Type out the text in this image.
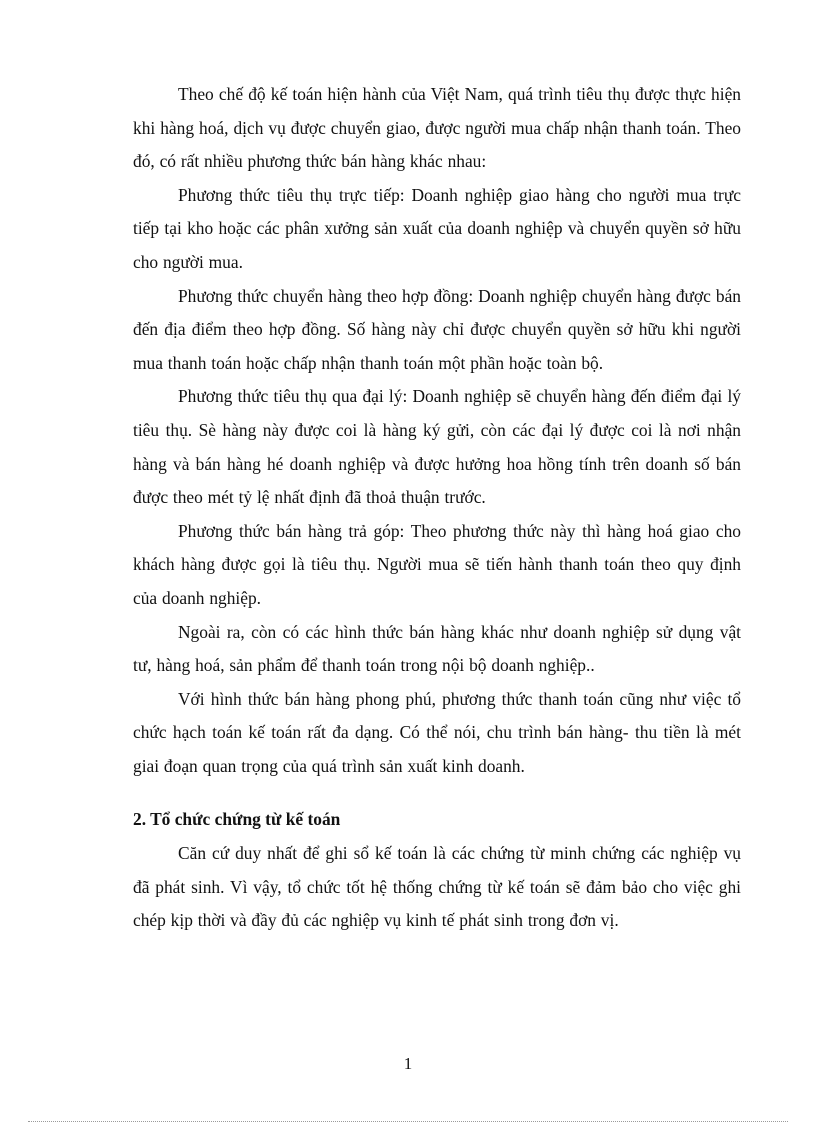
Theo chế độ kế toán hiện hành của Việt Nam, quá trình tiêu thụ được thực hiện khi hàng hoá, dịch vụ được chuyển giao, được người mua chấp nhận thanh toán. Theo đó, có rất nhiều phương thức bán hàng khác nhau:

Phương thức tiêu thụ trực tiếp: Doanh nghiệp giao hàng cho người mua trực tiếp tại kho hoặc các phân xưởng sản xuất của doanh nghiệp và chuyển quyền sở hữu cho người mua.

Phương thức chuyển hàng theo hợp đồng: Doanh nghiệp chuyển hàng được bán đến địa điểm theo hợp đồng. Số hàng này chỉ được chuyển quyền sở hữu khi người mua thanh toán hoặc chấp nhận thanh toán một phần hoặc toàn bộ.

Phương thức tiêu thụ qua đại lý: Doanh nghiệp sẽ chuyển hàng đến điểm đại lý tiêu thụ. Sè hàng này được coi là hàng ký gửi, còn các đại lý được coi là nơi nhận hàng và bán hàng hé doanh nghiệp và được hưởng hoa hồng tính trên doanh số bán được theo mét tỷ lệ nhất định đã thoả thuận trước.

Phương thức bán hàng trả góp: Theo phương thức này thì hàng hoá giao cho khách hàng được gọi là tiêu thụ. Người mua sẽ tiến hành thanh toán theo quy định của doanh nghiệp.

Ngoài ra, còn có các hình thức bán hàng khác như doanh nghiệp sử dụng vật tư, hàng hoá, sản phẩm để thanh toán trong nội bộ doanh nghiệp..

Với hình thức bán hàng phong phú, phương thức thanh toán cũng như việc tổ chức hạch toán kế toán rất đa dạng. Có thể nói, chu trình bán hàng- thu tiền là mét giai đoạn quan trọng của quá trình sản xuất kinh doanh.

2. Tổ chức chứng từ kế toán

Căn cứ duy nhất để ghi sổ kế toán là các chứng từ minh chứng các nghiệp vụ đã phát sinh. Vì vậy, tổ chức tốt hệ thống chứng từ kế toán sẽ đảm bảo cho việc ghi chép kịp thời và đầy đủ các nghiệp vụ kinh tế phát sinh trong đơn vị.

1
